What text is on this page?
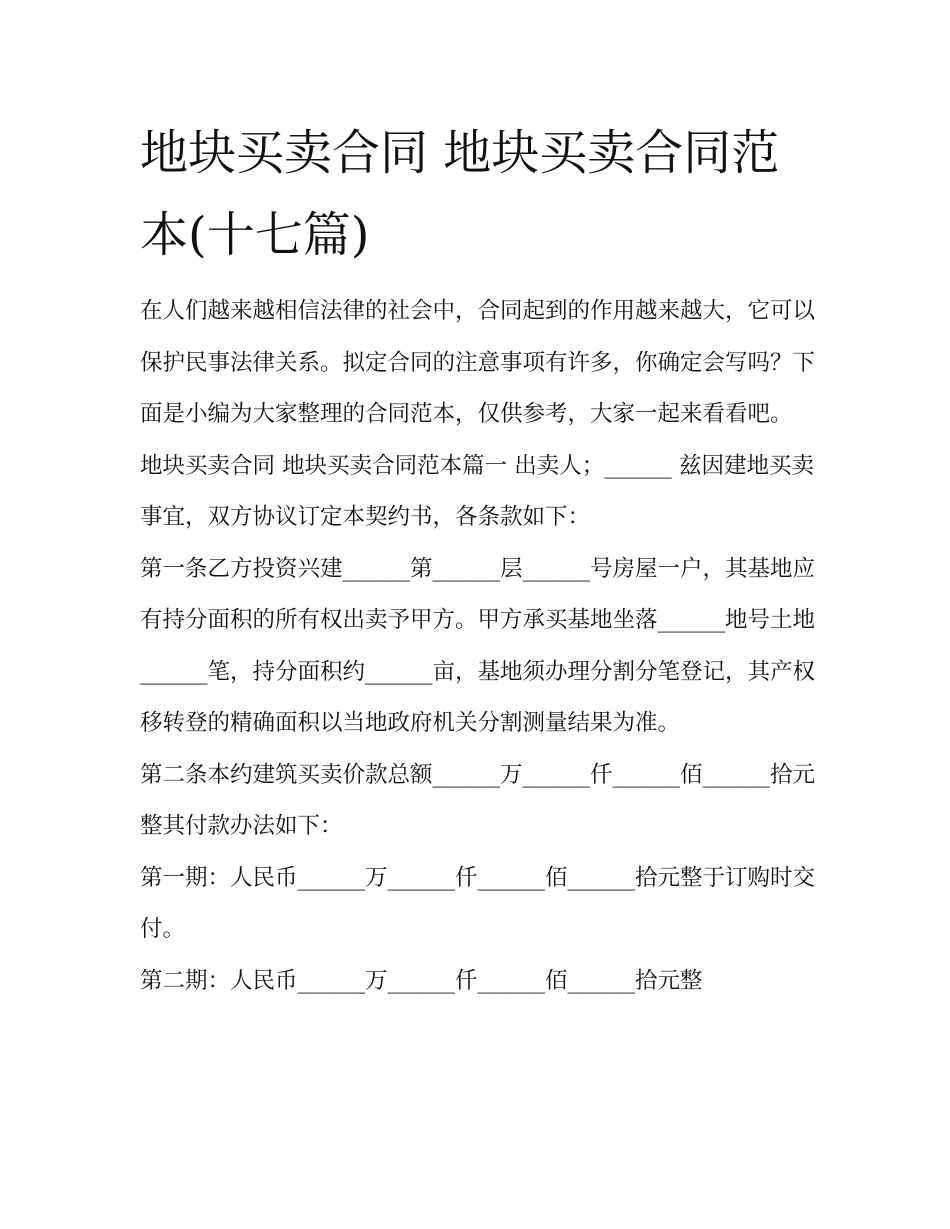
地块买卖合同 地块买卖合同范本(十七篇)

在人们越来越相信法律的社会中，合同起到的作用越来越大，它可以保护民事法律关系。拟定合同的注意事项有许多，你确定会写吗？下面是小编为大家整理的合同范本，仅供参考，大家一起来看看吧。

地块买卖合同 地块买卖合同范本篇一 出卖人；______ 兹因建地买卖事宜，双方协议订定本契约书，各条款如下：

第一条乙方投资兴建______第______层______号房屋一户，其基地应有持分面积的所有权出卖予甲方。甲方承买基地坐落______地号土地______笔，持分面积约______亩，基地须办理分割分笔登记，其产权移转登的精确面积以当地政府机关分割测量结果为准。

第二条本约建筑买卖价款总额______万______仟______佰______拾元整其付款办法如下：

第一期：人民币______万______仟______佰______拾元整于订购时交付。

第二期：人民币______万______仟______佰______拾元整
